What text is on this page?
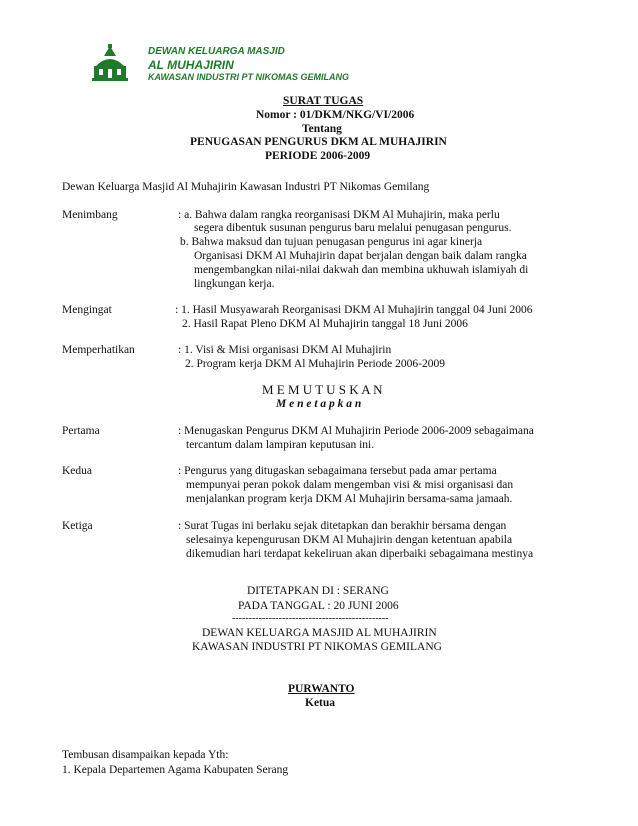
DEWAN KELUARGA MASJID
AL MUHAJIRIN
KAWASAN INDUSTRI PT NIKOMAS GEMILANG
SURAT TUGAS
Nomor : 01/DKM/NKG/VI/2006
Tentang
PENUGASAN PENGURUS DKM AL MUHAJIRIN
PERIODE 2006-2009
Dewan Keluarga Masjid Al Muhajirin Kawasan Industri PT Nikomas Gemilang
Menimbang	: a. Bahwa dalam rangka reorganisasi DKM Al Muhajirin, maka perlu
segera dibentuk susunan pengurus baru melalui penugasan pengurus.
b. Bahwa maksud dan tujuan penugasan pengurus ini agar kinerja
Organisasi DKM Al Muhajirin dapat berjalan dengan baik dalam rangka
mengembangkan nilai-nilai dakwah dan membina ukhuwah islamiyah di
lingkungan kerja.
Mengingat	: 1. Hasil Musyawarah Reorganisasi DKM Al Muhajirin tanggal 04 Juni 2006
2. Hasil Rapat Pleno DKM Al Muhajirin tanggal 18 Juni 2006
Memperhatikan	: 1. Visi & Misi organisasi DKM Al Muhajirin
2. Program kerja DKM Al Muhajirin Periode 2006-2009
M E M U T U S K A N
M e n e t a p k a n
Pertama	: Menugaskan Pengurus DKM Al Muhajirin Periode 2006-2009 sebagaimana
tercantum dalam lampiran keputusan ini.
Kedua	: Pengurus yang ditugaskan sebagaimana tersebut pada amar pertama
mempunyai peran pokok dalam mengemban visi & misi organisasi dan
menjalankan program kerja DKM Al Muhajirin bersama-sama jamaah.
Ketiga	: Surat Tugas ini berlaku sejak ditetapkan dan berakhir bersama dengan
selesainya kepengurusan DKM Al Muhajirin dengan ketentuan apabila
dikemudian hari terdapat kekeliruan akan diperbaiki sebagaimana mestinya
DITETAPKAN DI : SERANG
PADA TANGGAL : 20 JUNI 2006
-----------------------------------------------
DEWAN KELUARGA MASJID AL MUHAJIRIN
KAWASAN INDUSTRI PT NIKOMAS GEMILANG
PURWANTO
Ketua
Tembusan disampaikan kepada Yth:
1. Kepala Departemen Agama Kabupaten Serang
